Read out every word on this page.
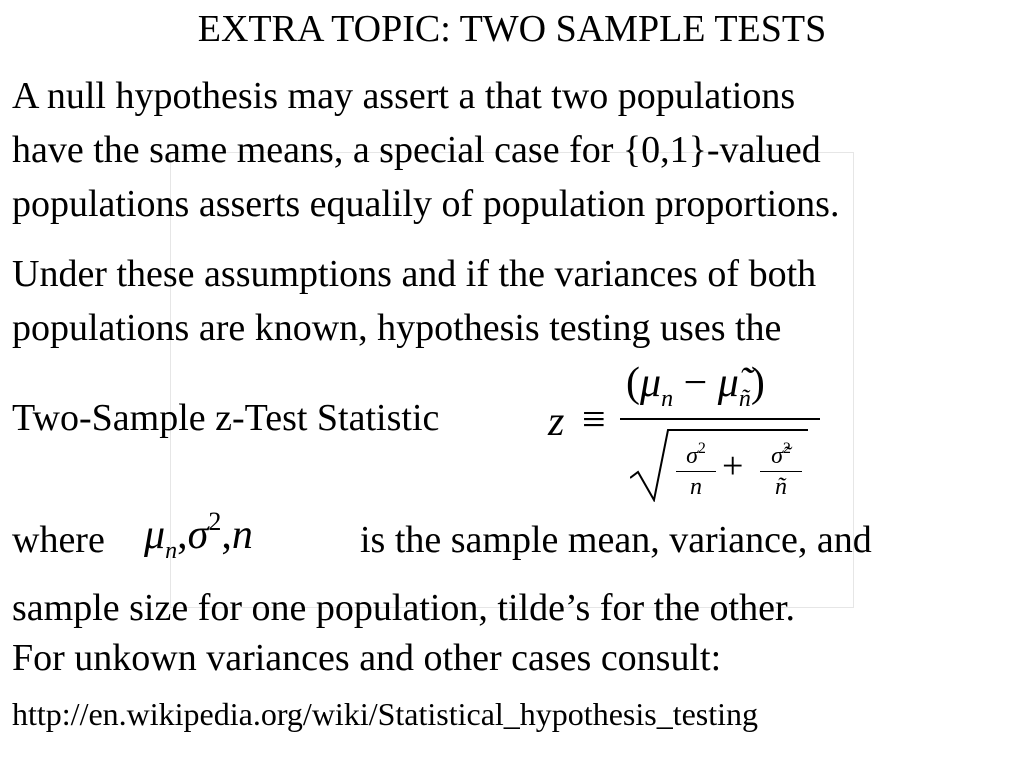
EXTRA TOPIC: TWO SAMPLE TESTS
A null hypothesis may assert a that two populations
have the same means, a special case for {0,1}-valued
populations asserts equalily of population proportions.
Under these assumptions and if the variances of both
populations are known, hypothesis testing uses the
Two-Sample z-Test Statistic	z ≡
($\mu_n$ − $\mũ_ñ$)
$\sigma^2$
n +	σ̃$^2$
ñ
where $\mu_n,\sigma^2,n$	is the sample mean, variance, and
sample size for one population, tilde’s for the other.
For unkown variances and other cases consult:
http://en.wikipedia.org/wiki/Statistical_hypothesis_testing
